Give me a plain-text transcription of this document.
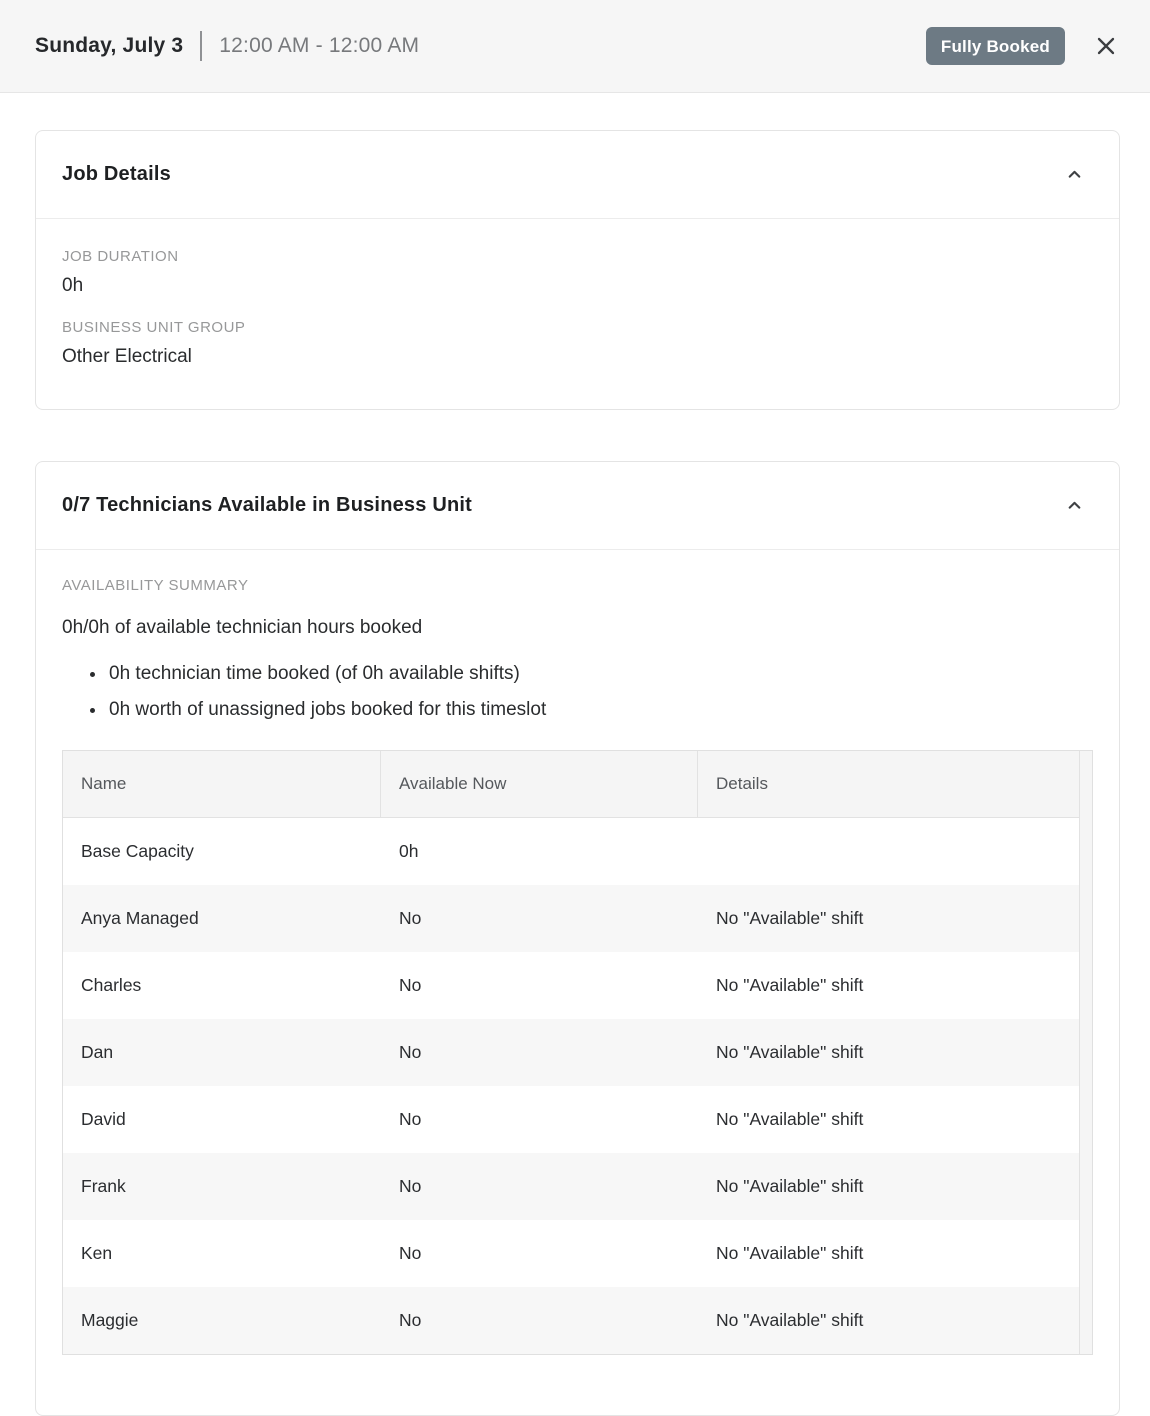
Sunday, July 3 12:00 AM - 12:00 AM	Fully Booked
Job Details
JOB DURATION
0h
BUSINESS UNIT GROUP
Other Electrical
0/7 Technicians Available in Business Unit
AVAILABILITY SUMMARY
0h/0h of available technician hours booked
• 0h technician time booked (of 0h available shifts)
• 0h worth of unassigned jobs booked for this timeslot
Name	Available Now	Details
Base Capacity	0h
Anya Managed	No	No "Available" shift
Charles	No	No "Available" shift
Dan	No	No "Available" shift
David	No	No "Available" shift
Frank	No	No "Available" shift
Ken	No	No "Available" shift
Maggie	No	No "Available" shift
